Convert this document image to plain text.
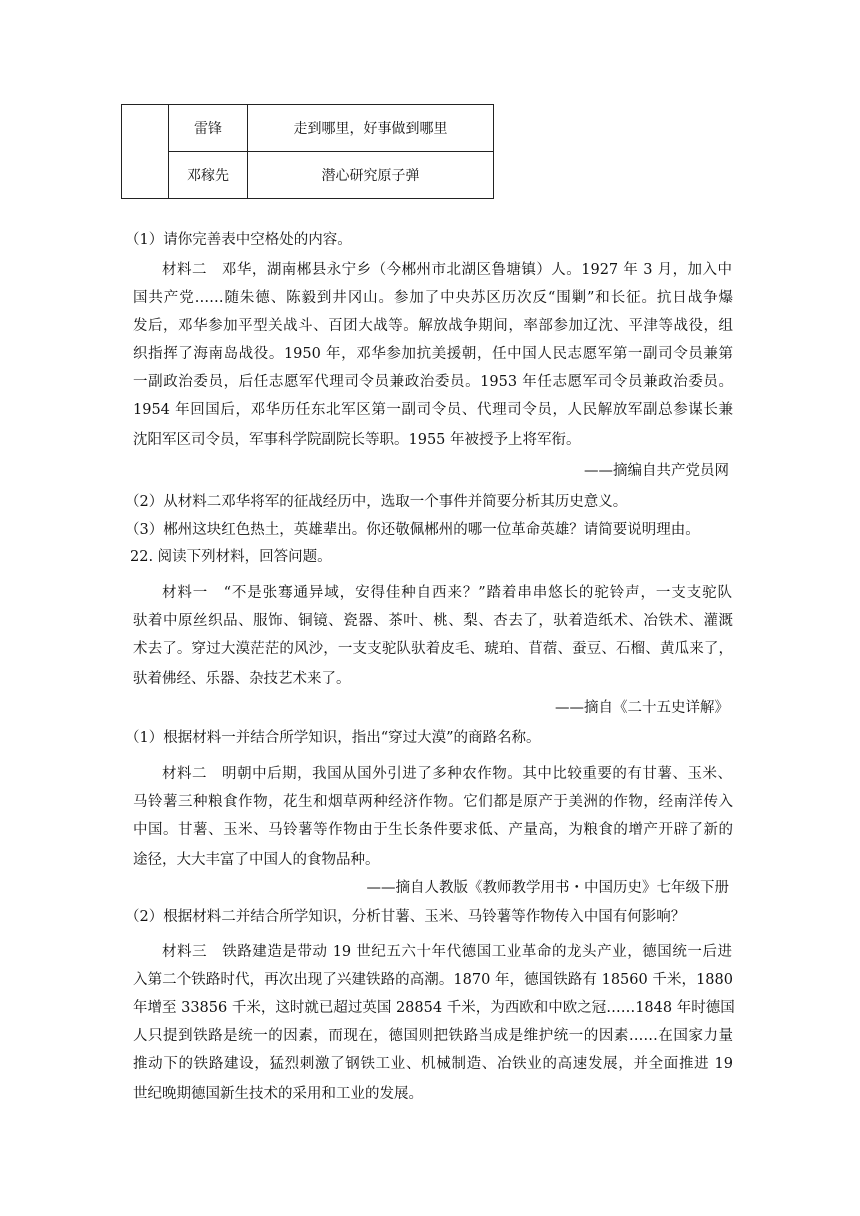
	雷锋	走到哪里，好事做到哪里
	邓稼先	潜心研究原子弹
（1）请你完善表中空格处的内容。
材料二　邓华，湖南郴县永宁乡（今郴州市北湖区鲁塘镇）人。1927 年 3 月，加入中
国共产党……随朱德、陈毅到井冈山。参加了中央苏区历次反“围剿”和长征。抗日战争爆
发后，邓华参加平型关战斗、百团大战等。解放战争期间，率部参加辽沈、平津等战役，组
织指挥了海南岛战役。1950 年，邓华参加抗美援朝，任中国人民志愿军第一副司令员兼第
一副政治委员，后任志愿军代理司令员兼政治委员。1953 年任志愿军司令员兼政治委员。
1954 年回国后，邓华历任东北军区第一副司令员、代理司令员，人民解放军副总参谋长兼
沈阳军区司令员，军事科学院副院长等职。1955 年被授予上将军衔。
——摘编自共产党员网
（2）从材料二邓华将军的征战经历中，选取一个事件并简要分析其历史意义。
（3）郴州这块红色热土，英雄辈出。你还敬佩郴州的哪一位革命英雄？请简要说明理由。
22. 阅读下列材料，回答问题。
材料一　“不是张骞通异域，安得佳种自西来？”踏着串串悠长的驼铃声，一支支驼队
驮着中原丝织品、服饰、铜镜、瓷器、茶叶、桃、梨、杏去了，驮着造纸术、冶铁术、灌溉
术去了。穿过大漠茫茫的风沙，一支支驼队驮着皮毛、琥珀、苜蓿、蚕豆、石榴、黄瓜来了，
驮着佛经、乐器、杂技艺术来了。
——摘自《二十五史详解》
（1）根据材料一并结合所学知识，指出“穿过大漠”的商路名称。
材料二　明朝中后期，我国从国外引进了多种农作物。其中比较重要的有甘薯、玉米、
马铃薯三种粮食作物，花生和烟草两种经济作物。它们都是原产于美洲的作物，经南洋传入
中国。甘薯、玉米、马铃薯等作物由于生长条件要求低、产量高，为粮食的增产开辟了新的
途径，大大丰富了中国人的食物品种。
——摘自人教版《教师教学用书・中国历史》七年级下册
（2）根据材料二并结合所学知识，分析甘薯、玉米、马铃薯等作物传入中国有何影响？
材料三　铁路建造是带动 19 世纪五六十年代德国工业革命的龙头产业，德国统一后进
入第二个铁路时代，再次出现了兴建铁路的高潮。1870 年，德国铁路有 18560 千米，1880
年增至 33856 千米，这时就已超过英国 28854 千米，为西欧和中欧之冠……1848 年时德国
人只提到铁路是统一的因素，而现在，德国则把铁路当成是维护统一的因素……在国家力量
推动下的铁路建设，猛烈刺激了钢铁工业、机械制造、冶铁业的高速发展，并全面推进 19
世纪晚期德国新生技术的采用和工业的发展。
